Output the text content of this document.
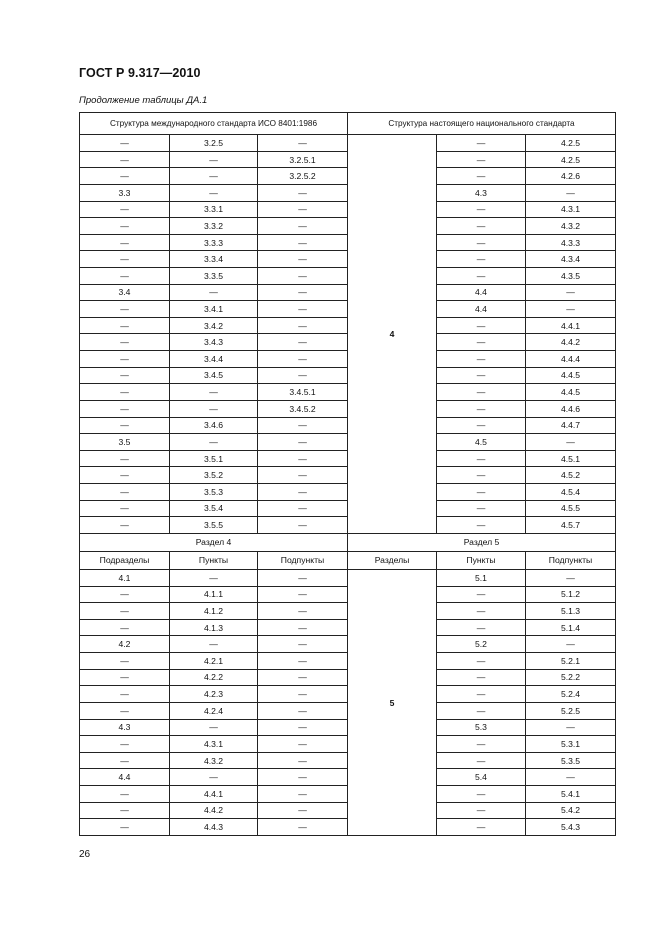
ГОСТ Р 9.317—2010
Продолжение таблицы ДА.1
Структура международного стандарта ИСО 8401:1986			Структура настоящего национального стандарта		
—	3.2.5	—	4	—	4.2.5
—	—	3.2.5.1		—	4.2.5
—	—	3.2.5.2		—	4.2.6
3.3	—	—		4.3	—
—	3.3.1	—		—	4.3.1
—	3.3.2	—		—	4.3.2
—	3.3.3	—		—	4.3.3
—	3.3.4	—		—	4.3.4
—	3.3.5	—		—	4.3.5
3.4	—	—		4.4	—
—	3.4.1	—		4.4	—
—	3.4.2	—		—	4.4.1
—	3.4.3	—		—	4.4.2
—	3.4.4	—		—	4.4.4
—	3.4.5	—		—	4.4.5
—	—	3.4.5.1		—	4.4.5
—	—	3.4.5.2		—	4.4.6
—	3.4.6	—		—	4.4.7
3.5	—	—		4.5	—
—	3.5.1	—		—	4.5.1
—	3.5.2	—		—	4.5.2
—	3.5.3	—		—	4.5.4
—	3.5.4	—		—	4.5.5
—	3.5.5	—		—	4.5.7
Раздел 4			Раздел 5		
Подразделы	Пункты	Подпункты	Разделы	Пункты	Подпункты
4.1	—	—	5	5.1	—
—	4.1.1	—		—	5.1.2
—	4.1.2	—		—	5.1.3
—	4.1.3	—		—	5.1.4
4.2	—	—		5.2	—
—	4.2.1	—		—	5.2.1
—	4.2.2	—		—	5.2.2
—	4.2.3	—		—	5.2.4
—	4.2.4	—		—	5.2.5
4.3	—	—		5.3	—
—	4.3.1	—		—	5.3.1
—	4.3.2	—		—	5.3.5
4.4	—	—		5.4	—
—	4.4.1	—		—	5.4.1
—	4.4.2	—		—	5.4.2
—	4.4.3	—		—	5.4.3
26
